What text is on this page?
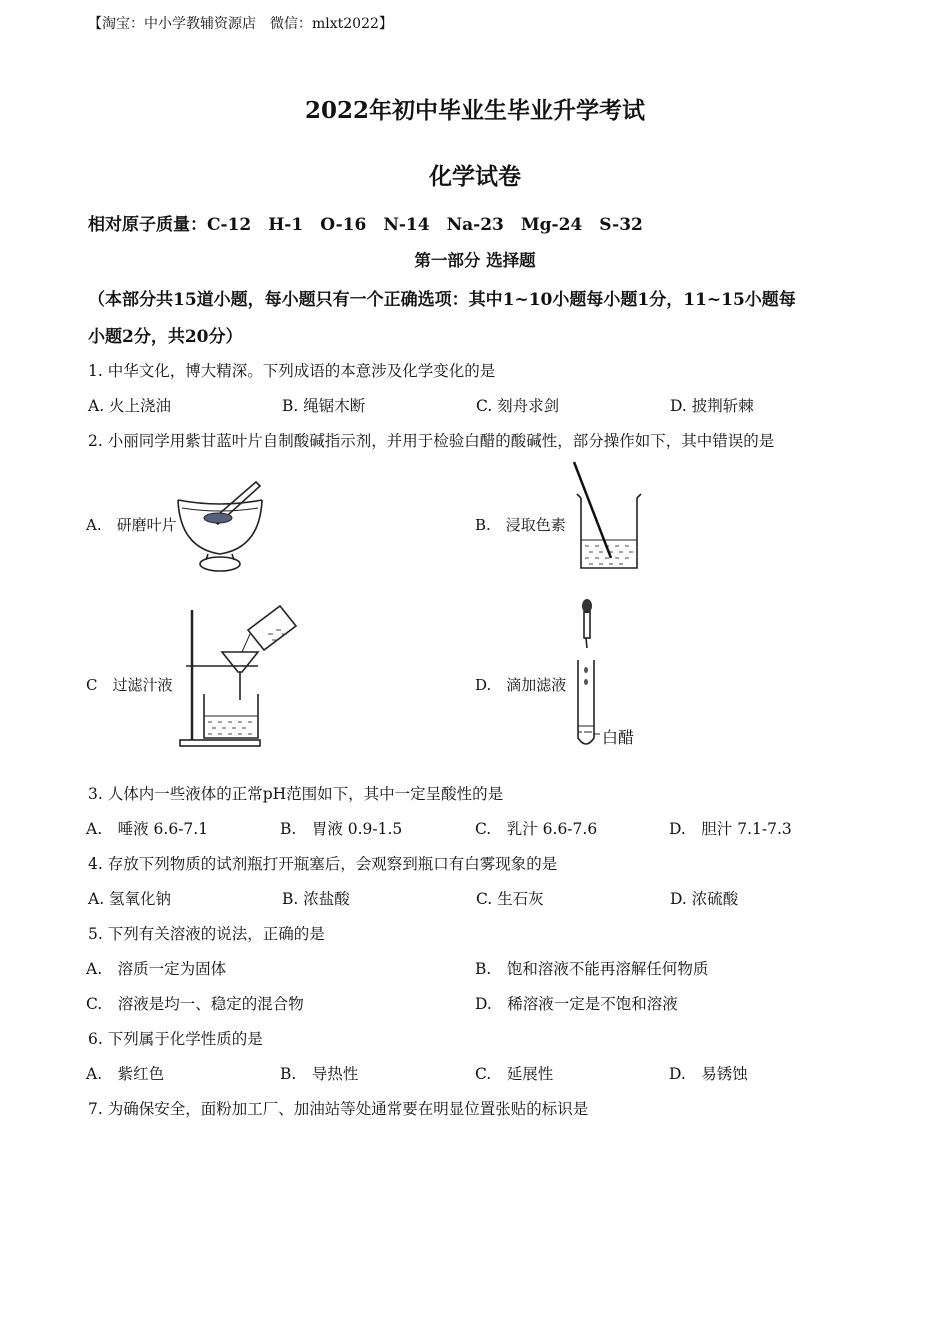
【淘宝：中小学教辅资源店　微信：mlxt2022】
2022年初中毕业生毕业升学考试
化学试卷
相对原子质量：C-12　H-1　O-16　N-14　Na-23　Mg-24　S-32
第一部分 选择题
（本部分共15道小题，每小题只有一个正确选项：其中1~10小题每小题1分，11~15小题每
小题2分，共20分）
1. 中华文化，博大精深。下列成语的本意涉及化学变化的是
A. 火上浇油	B. 绳锯木断	C. 刻舟求剑	D. 披荆斩棘
2. 小丽同学用紫甘蓝叶片自制酸碱指示剂，并用于检验白醋的酸碱性，部分操作如下，其中错误的是
A.　研磨叶片	B.　浸取色素
C　过滤汁液	D.　滴加滤液
白醋
3. 人体内一些液体的正常pH范围如下，其中一定呈酸性的是
A.　唾液 6.6-7.1	B.　胃液 0.9-1.5	C.　乳汁 6.6-7.6	D.　胆汁 7.1-7.3
4. 存放下列物质的试剂瓶打开瓶塞后，会观察到瓶口有白雾现象的是
A. 氢氧化钠	B. 浓盐酸	C. 生石灰	D. 浓硫酸
5. 下列有关溶液的说法，正确的是
A.　溶质一定为固体	B.　饱和溶液不能再溶解任何物质
C.　溶液是均一、稳定的混合物	D.　稀溶液一定是不饱和溶液
6. 下列属于化学性质的是
A.　紫红色	B.　导热性	C.　延展性	D.　易锈蚀
7. 为确保安全，面粉加工厂、加油站等处通常要在明显位置张贴的标识是
